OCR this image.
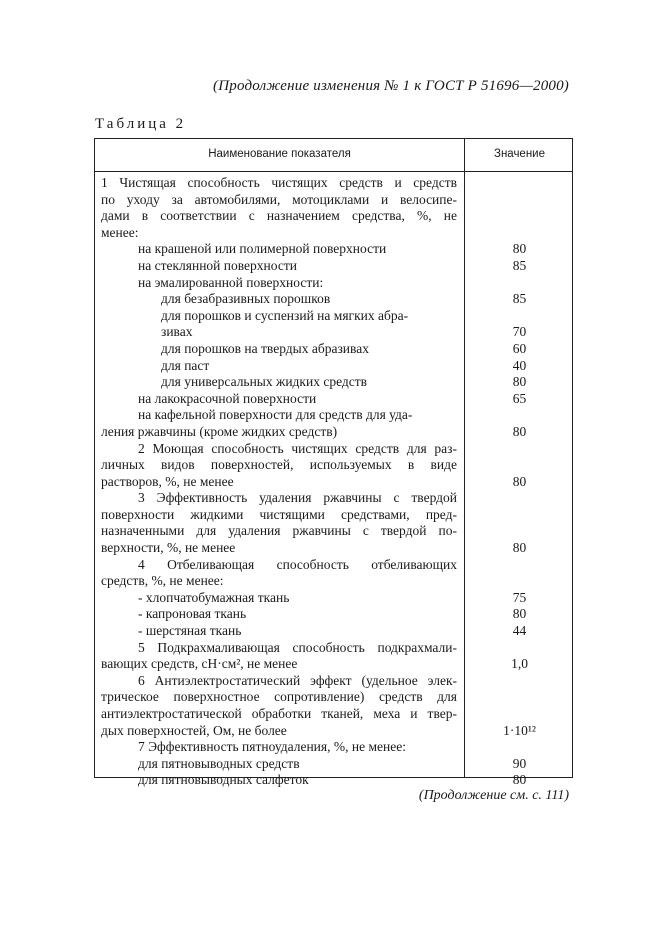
(Продолжение изменения № 1 к ГОСТ Р 51696—2000)
Таблица 2
Наименование показателя	Значение
1 Чистящая способность чистящих средств и средств
по уходу за автомобилями, мотоциклами и велосипе-
дами в соответствии с назначением средства, %, не
менее:
на крашеной или полимерной поверхности	80
на стеклянной поверхности	85
на эмалированной поверхности:
для безабразивных порошков	85
для порошков и суспензий на мягких абра-
зивах	70
для порошков на твердых абразивах	60
для паст	40
для универсальных жидких средств	80
на лакокрасочной поверхности	65
на кафельной поверхности для средств для уда-
ления ржавчины (кроме жидких средств)	80
2 Моющая способность чистящих средств для раз-
личных видов поверхностей, используемых в виде
растворов, %, не менее	80
3 Эффективность удаления ржавчины с твердой
поверхности жидкими чистящими средствами, пред-
назначенными для удаления ржавчины с твердой по-
верхности, %, не менее	80
4 Отбеливающая способность отбеливающих
средств, %, не менее:
- хлопчатобумажная ткань	75
- капроновая ткань	80
- шерстяная ткань	44
5 Подкрахмаливающая способность подкрахмали-
вающих средств, сН·см², не менее	1,0
6 Антиэлектростатический эффект (удельное элек-
трическое поверхностное сопротивление) средств для
антиэлектростатической обработки тканей, меха и твер-
дых поверхностей, Ом, не более	1·10¹²
7 Эффективность пятноудаления, %, не менее:
для пятновыводных средств	90
для пятновыводных салфеток	80
(Продолжение см. с. 111)
